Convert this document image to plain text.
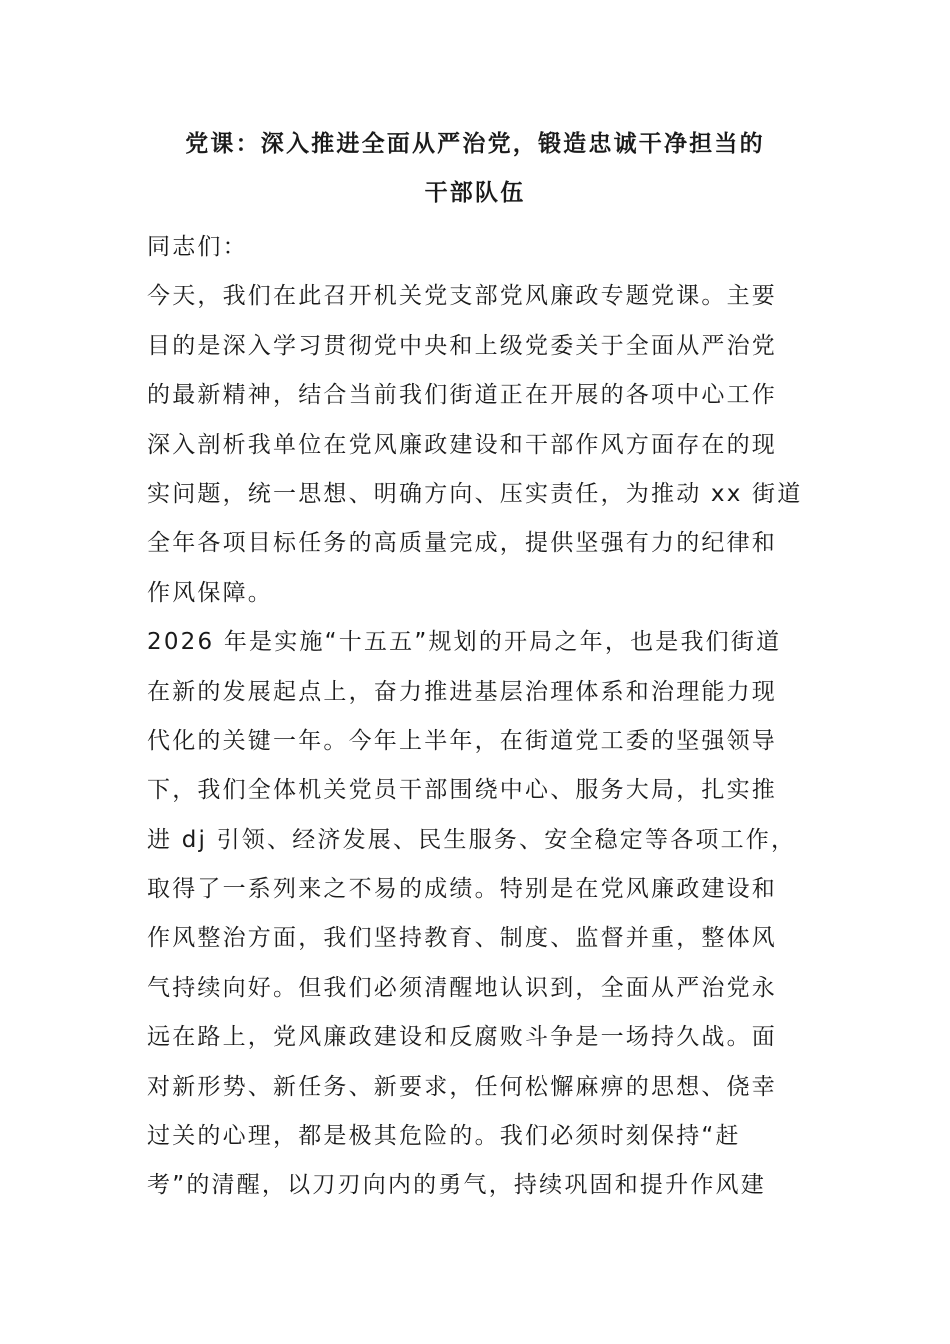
党课：深入推进全面从严治党，锻造忠诚干净担当的
干部队伍
同志们：
今天，我们在此召开机关党支部党风廉政专题党课。主要
目的是深入学习贯彻党中央和上级党委关于全面从严治党
的最新精神，结合当前我们街道正在开展的各项中心工作
深入剖析我单位在党风廉政建设和干部作风方面存在的现
实问题，统一思想、明确方向、压实责任，为推动 xx 街道
全年各项目标任务的高质量完成，提供坚强有力的纪律和
作风保障。
2026 年是实施“十五五”规划的开局之年，也是我们街道
在新的发展起点上，奋力推进基层治理体系和治理能力现
代化的关键一年。今年上半年，在街道党工委的坚强领导
下，我们全体机关党员干部围绕中心、服务大局，扎实推
进 dj 引领、经济发展、民生服务、安全稳定等各项工作，
取得了一系列来之不易的成绩。特别是在党风廉政建设和
作风整治方面，我们坚持教育、制度、监督并重，整体风
气持续向好。但我们必须清醒地认识到，全面从严治党永
远在路上，党风廉政建设和反腐败斗争是一场持久战。面
对新形势、新任务、新要求，任何松懈麻痹的思想、侥幸
过关的心理，都是极其危险的。我们必须时刻保持“赶
考”的清醒，以刀刃向内的勇气，持续巩固和提升作风建
